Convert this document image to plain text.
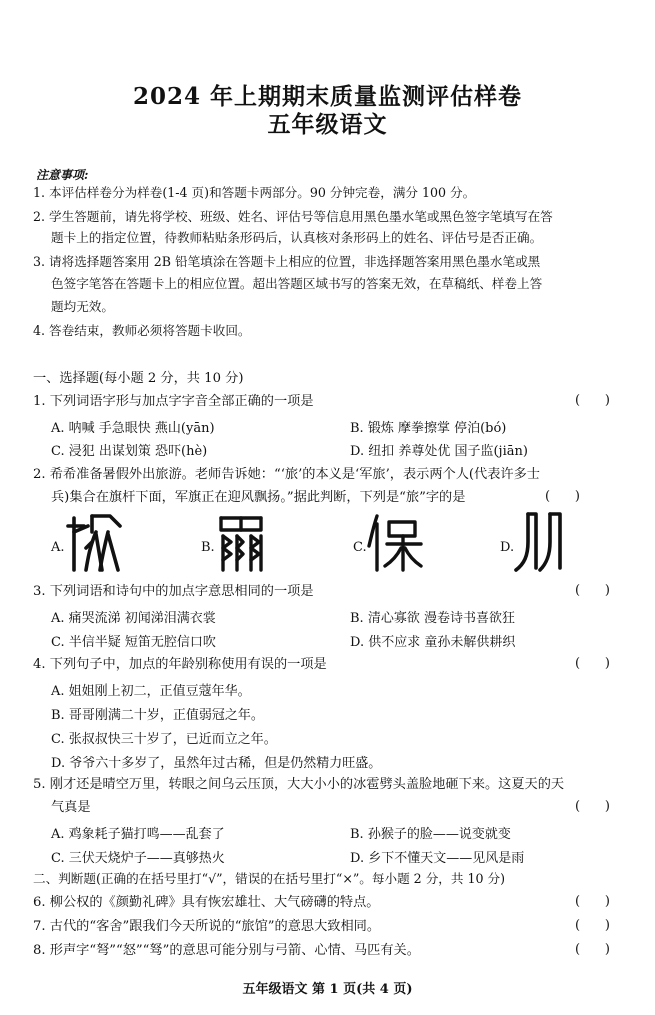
2024 年上期期末质量监测评估样卷
五年级语文
注意事项:
1. 本评估样卷分为样卷(1-4 页)和答题卡两部分。90 分钟完卷，满分 100 分。
2. 学生答题前，请先将学校、班级、姓名、评估号等信息用黑色墨水笔或黑色签字笔填写在答
题卡上的指定位置，待教师粘贴条形码后，认真核对条形码上的姓名、评估号是否正确。
3. 请将选择题答案用 2B 铅笔填涂在答题卡上相应的位置，非选择题答案用黑色墨水笔或黑
色签字笔答在答题卡上的相应位置。超出答题区域书写的答案无效，在草稿纸、样卷上答
题均无效。
4. 答卷结束，教师必须将答题卡收回。
一、选择题(每小题 2 分，共 10 分)
1. 下列词语字形与加点字字音全部正确的一项是	(      )
A. 呐喊 手急眼快 燕山(yān)	B. 锻炼 摩拳擦掌 停泊(bó)
C. 浸犯 出谋划策 恐吓(hè)	D. 纽扣 养尊处优 国子监(jiān)
2. 希希准备暑假外出旅游。老师告诉她：“‘旅’的本义是‘军旅’，表示两个人(代表许多士
兵)集合在旗杆下面，军旗正在迎风飘扬。”据此判断，下列是“旅”字的是	(      )
A.	B.	C.	D.
3. 下列词语和诗句中的加点字意思相同的一项是	(      )
A. 痛哭流涕 初闻涕泪满衣裳	B. 清心寡欲 漫卷诗书喜欲狂
C. 半信半疑 短笛无腔信口吹	D. 供不应求 童孙未解供耕织
4. 下列句子中，加点的年龄别称使用有误的一项是	(      )
A. 姐姐刚上初二，正值豆蔻年华。
B. 哥哥刚满二十岁，正值弱冠之年。
C. 张叔叔快三十岁了，已近而立之年。
D. 爷爷六十多岁了，虽然年过古稀，但是仍然精力旺盛。
5. 刚才还是晴空万里，转眼之间乌云压顶，大大小小的冰雹劈头盖脸地砸下来。这夏天的天
气真是	(      )
A. 鸡象耗子猫打鸣——乱套了	B. 孙猴子的脸——说变就变
C. 三伏天烧炉子——真够热火	D. 乡下不懂天文——见风是雨
二、判断题(正确的在括号里打“√”，错误的在括号里打“×”。每小题 2 分，共 10 分)
6. 柳公权的《颜勤礼碑》具有恢宏雄壮、大气磅礴的特点。	(      )
7. 古代的“客舍”跟我们今天所说的“旅馆”的意思大致相同。	(      )
8. 形声字“弩”“怒”“驽”的意思可能分别与弓箭、心情、马匹有关。	(      )
五年级语文 第 1 页(共 4 页)
